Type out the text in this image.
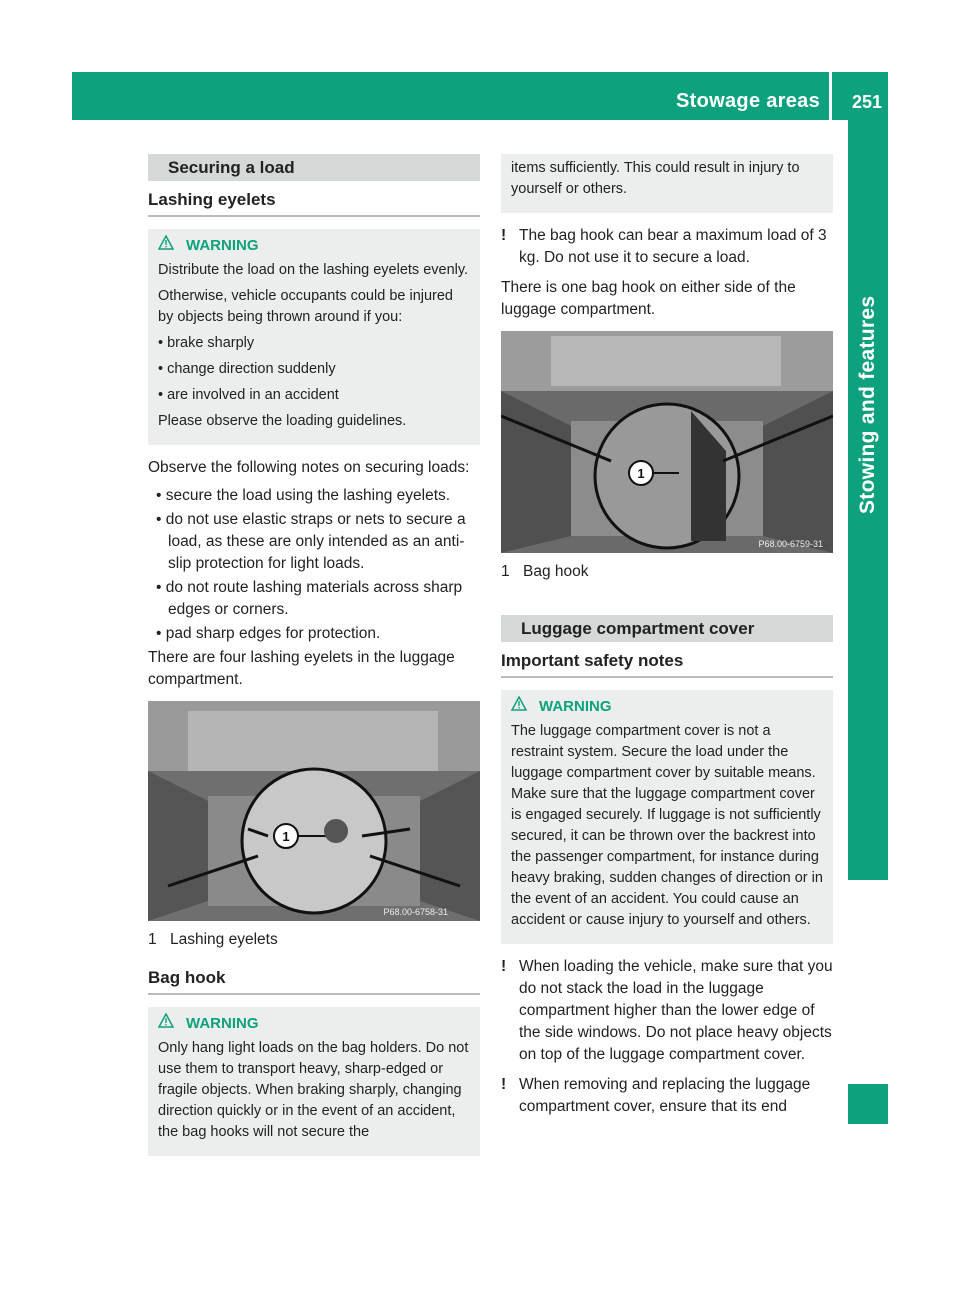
Stowage areas 251
Stowing and features
Securing a load
Lashing eyelets
WARNING

Distribute the load on the lashing eyelets evenly.

Otherwise, vehicle occupants could be injured by objects being thrown around if you:

• brake sharply

• change direction suddenly

• are involved in an accident

Please observe the loading guidelines.

Observe the following notes on securing loads:

• secure the load using the lashing eyelets.

• do not use elastic straps or nets to secure a load, as these are only intended as an anti-slip protection for light loads.

• do not route lashing materials across sharp edges or corners.

• pad sharp edges for protection.

There are four lashing eyelets in the luggage compartment.

1
P68.00-6758-31
1 Lashing eyelets
Bag hook
WARNING

Only hang light loads on the bag holders. Do not use them to transport heavy, sharp-edged or fragile objects. When braking sharply, changing direction quickly or in the event of an accident, the bag hooks will not secure the

items sufficiently. This could result in injury to yourself or others.

! The bag hook can bear a maximum load of 3 kg. Do not use it to secure a load.

There is one bag hook on either side of the luggage compartment.

1
P68.00-6759-31
1 Bag hook
Luggage compartment cover
Important safety notes
WARNING

The luggage compartment cover is not a restraint system. Secure the load under the luggage compartment cover by suitable means. Make sure that the luggage compartment cover is engaged securely. If luggage is not sufficiently secured, it can be thrown over the backrest into the passenger compartment, for instance during heavy braking, sudden changes of direction or in the event of an accident. You could cause an accident or cause injury to yourself and others.

! When loading the vehicle, make sure that you do not stack the load in the luggage compartment higher than the lower edge of the side windows. Do not place heavy objects on top of the luggage compartment cover.

! When removing and replacing the luggage compartment cover, ensure that its end
